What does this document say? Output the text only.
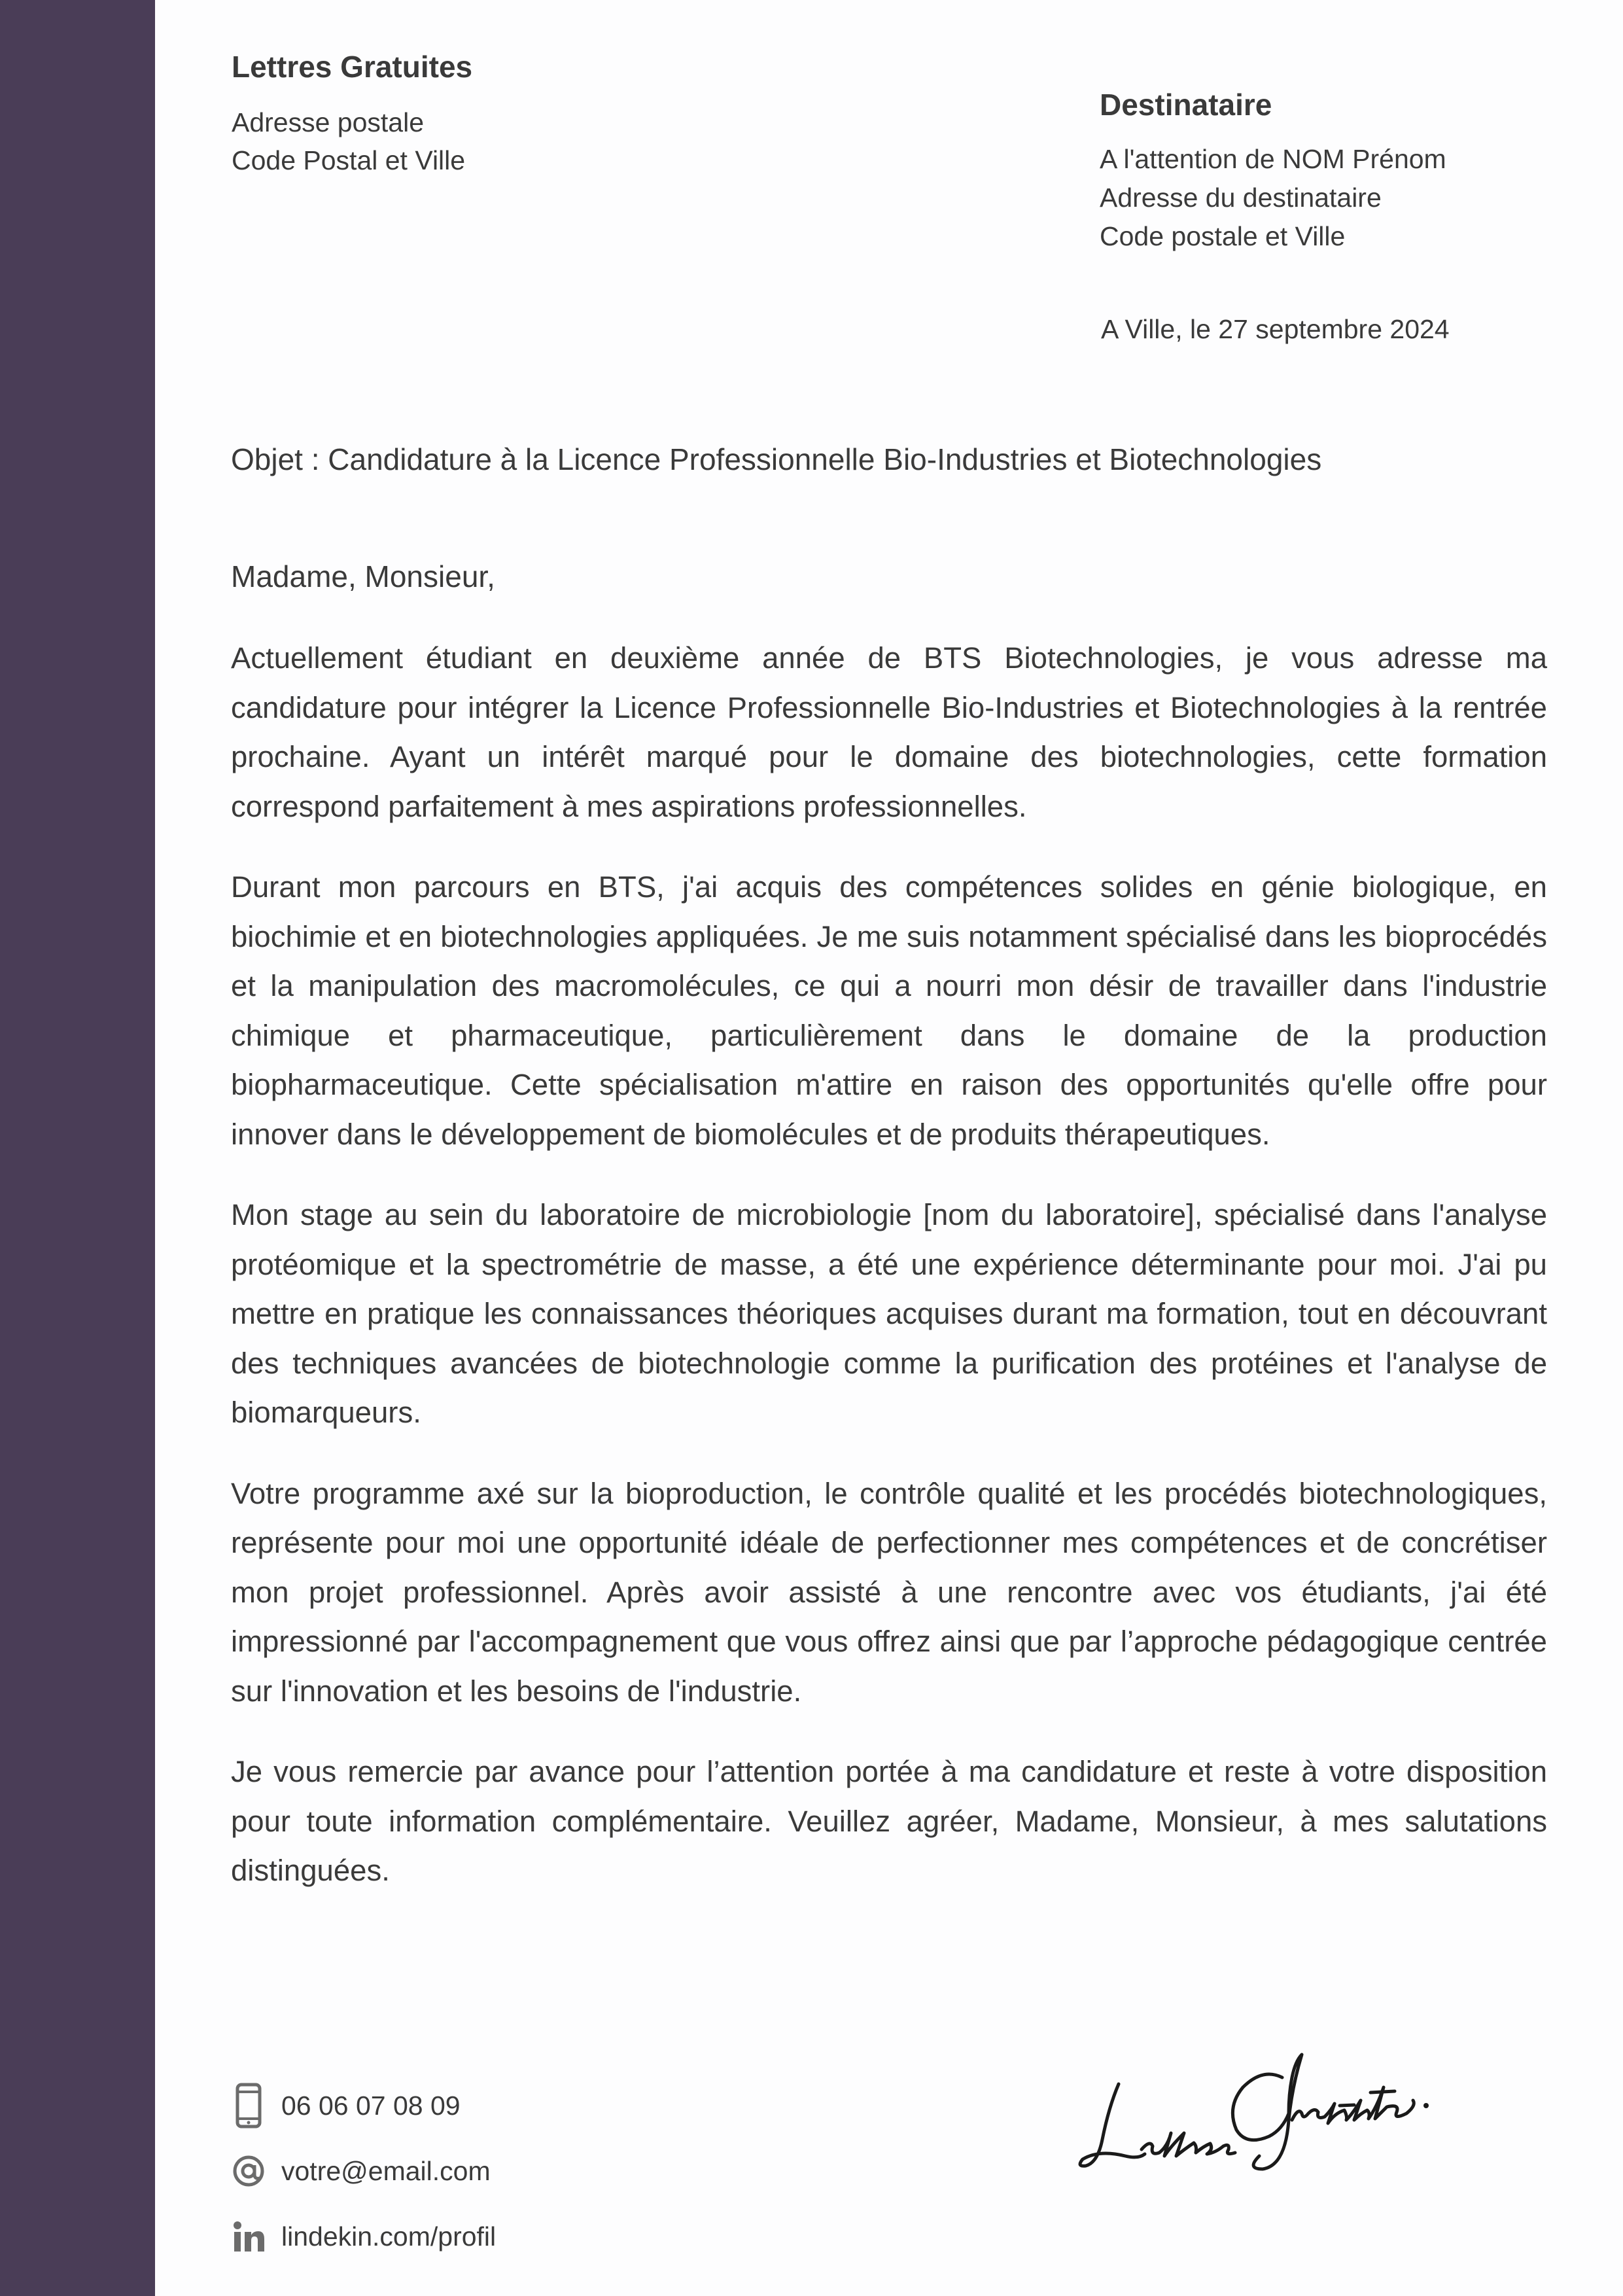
Lettres Gratuites
Adresse postale
Code Postal et Ville
Destinataire
A l'attention de NOM Prénom
Adresse du destinataire
Code postale et Ville
A Ville, le 27 septembre 2024
Objet : Candidature à la Licence Professionnelle Bio-Industries et Biotechnologies
Madame, Monsieur,

Actuellement étudiant en deuxième année de BTS Biotechnologies, je vous adresse ma candidature pour intégrer la Licence Professionnelle Bio-Industries et Biotechnologies à la rentrée prochaine. Ayant un intérêt marqué pour le domaine des biotechnologies, cette formation correspond parfaitement à mes aspirations professionnelles.

Durant mon parcours en BTS, j'ai acquis des compétences solides en génie biologique, en biochimie et en biotechnologies appliquées. Je me suis notamment spécialisé dans les bioprocédés et la manipulation des macromolécules, ce qui a nourri mon désir de travailler dans l'industrie chimique et pharmaceutique, particulièrement dans le domaine de la production biopharmaceutique. Cette spécialisation m'attire en raison des opportunités qu'elle offre pour innover dans le développement de biomolécules et de produits thérapeutiques.

Mon stage au sein du laboratoire de microbiologie [nom du laboratoire], spécialisé dans l'analyse protéomique et la spectrométrie de masse, a été une expérience déterminante pour moi. J'ai pu mettre en pratique les connaissances théoriques acquises durant ma formation, tout en découvrant des techniques avancées de biotechnologie comme la purification des protéines et l'analyse de biomarqueurs.

Votre programme axé sur la bioproduction, le contrôle qualité et les procédés biotechnologiques, représente pour moi une opportunité idéale de perfectionner mes compétences et de concrétiser mon projet professionnel. Après avoir assisté à une rencontre avec vos étudiants, j'ai été impressionné par l'accompagnement que vous offrez ainsi que par l’approche pédagogique centrée sur l'innovation et les besoins de l'industrie.

Je vous remercie par avance pour l’attention portée à ma candidature et reste à votre disposition pour toute information complémentaire. Veuillez agréer, Madame, Monsieur, à mes salutations distinguées.

06 06 07 08 09
votre@email.com
lindekin.com/profil
